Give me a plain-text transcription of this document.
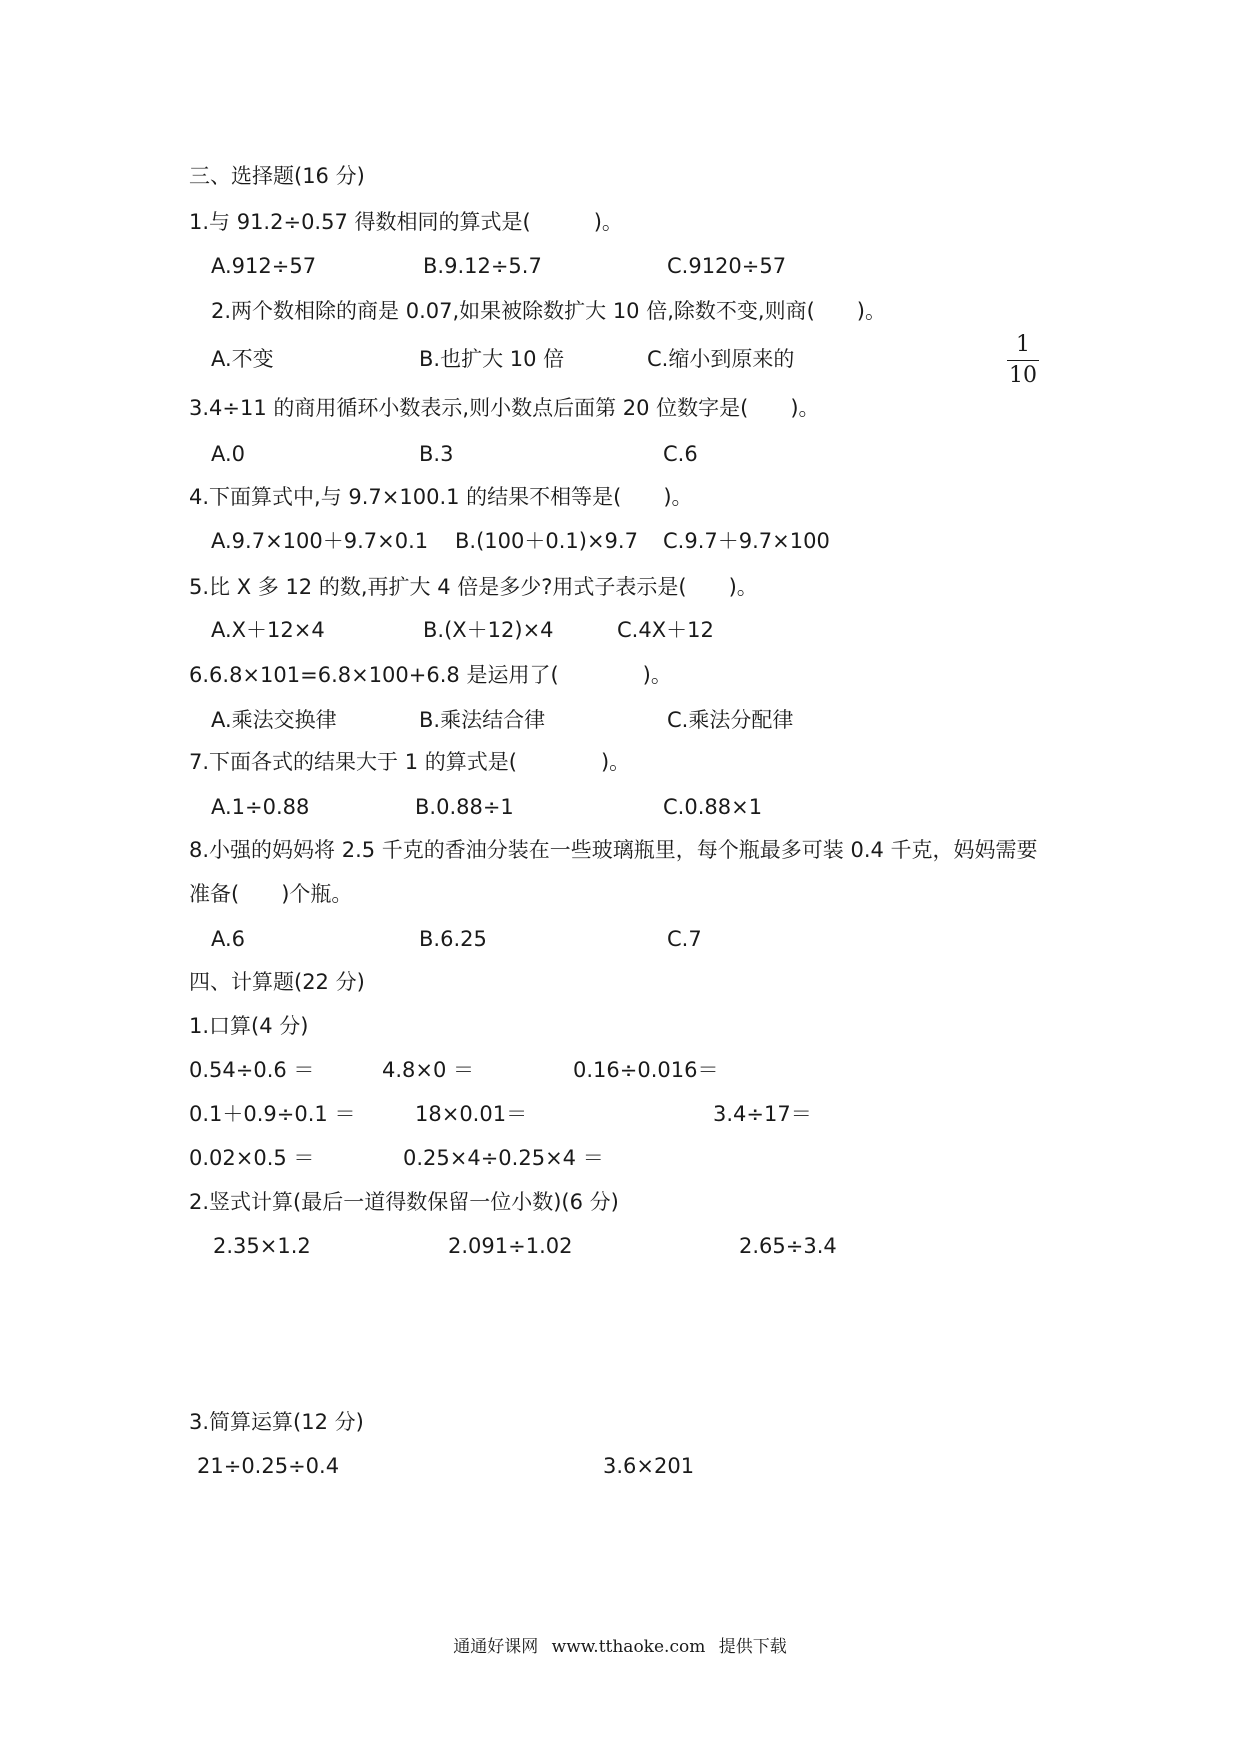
三、选择题(16 分)
1.与 91.2÷0.57 得数相同的算式是(　　　)。
A.912÷57	B.9.12÷5.7	C.9120÷57
2.两个数相除的商是 0.07,如果被除数扩大 10 倍,除数不变,则商(　　)。
A.不变	B.也扩大 10 倍	C.缩小到原来的
1
10
3.4÷11 的商用循环小数表示,则小数点后面第 20 位数字是(　　)。
A.0	B.3	C.6
4.下面算式中,与 9.7×100.1 的结果不相等是(　　)。
A.9.7×100＋9.7×0.1 B.(100＋0.1)×9.7 C.9.7＋9.7×100
5.比 X 多 12 的数,再扩大 4 倍是多少?用式子表示是(　　)。
A.X＋12×4	B.(X＋12)×4	C.4X＋12
6.6.8×101=6.8×100+6.8 是运用了(　　　　)。
A.乘法交换律	B.乘法结合律	C.乘法分配律
7.下面各式的结果大于 1 的算式是(　　　　)。
A.1÷0.88	B.0.88÷1	C.0.88×1
8.小强的妈妈将 2.5 千克的香油分装在一些玻璃瓶里，每个瓶最多可装 0.4 千克，妈妈需要
准备(　　)个瓶。
A.6	B.6.25	C.7
四、计算题(22 分)
1.口算(4 分)
0.54÷0.6 ＝	4.8×0 ＝	0.16÷0.016＝
0.1＋0.9÷0.1 ＝	18×0.01＝	3.4÷17＝
0.02×0.5 ＝	0.25×4÷0.25×4 ＝
2.竖式计算(最后一道得数保留一位小数)(6 分)
2.35×1.2	2.091÷1.02	2.65÷3.4
3.简算运算(12 分)
21÷0.25÷0.4	3.6×201
通通好课网 www.tthaoke.com 提供下载
